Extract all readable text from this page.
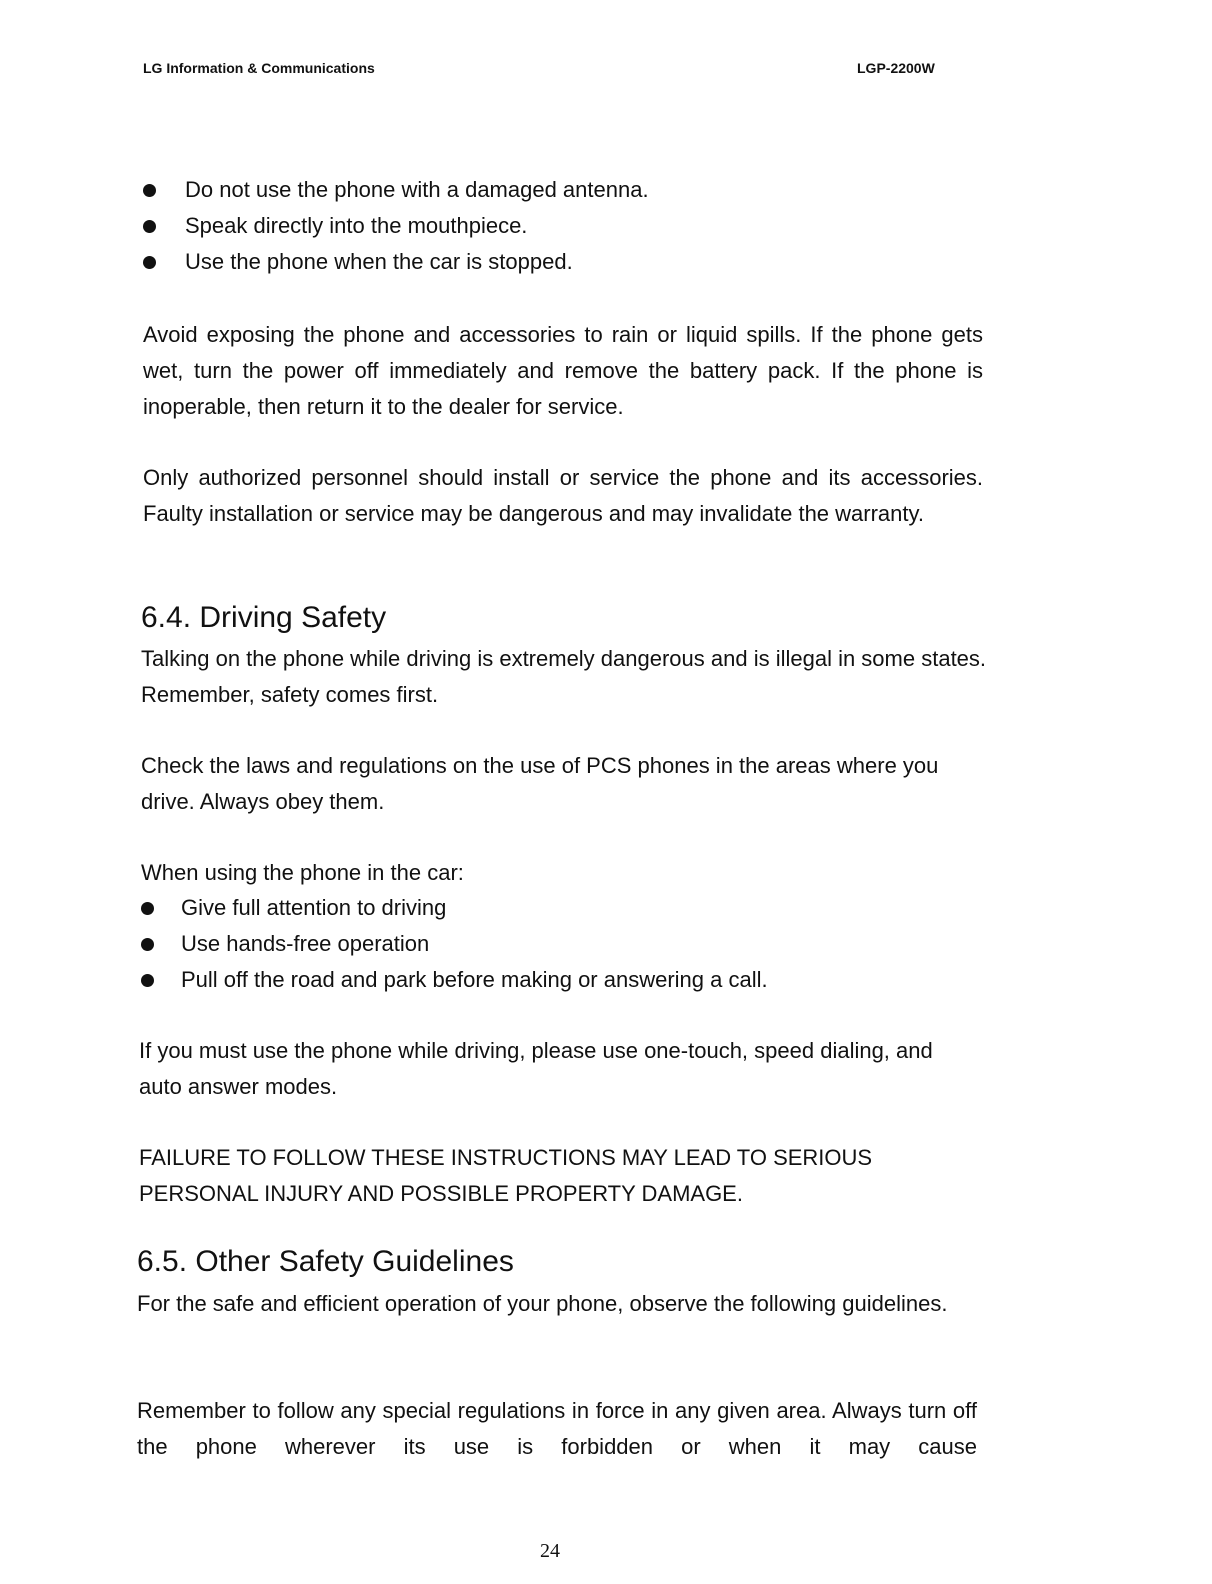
LG Information & Communications	LGP-2200W
Do not use the phone with a damaged antenna.
Speak directly into the mouthpiece.
Use the phone when the car is stopped.

Avoid exposing the phone and accessories to rain or liquid spills. If the phone gets wet, turn the power off immediately and remove the battery pack. If the phone is inoperable, then return it to the dealer for service.

Only authorized personnel should install or service the phone and its accessories. Faulty installation or service may be dangerous and may invalidate the warranty.

6.4. Driving Safety

Talking on the phone while driving is extremely dangerous and is illegal in some states. Remember, safety comes first.

Check the laws and regulations on the use of PCS phones in the areas where you drive. Always obey them.

When using the phone in the car:

Give full attention to driving
Use hands-free operation
Pull off the road and park before making or answering a call.

If you must use the phone while driving, please use one-touch, speed dialing, and auto answer modes.

FAILURE TO FOLLOW THESE INSTRUCTIONS MAY LEAD TO SERIOUS PERSONAL INJURY AND POSSIBLE PROPERTY DAMAGE.

6.5. Other Safety Guidelines

For the safe and efficient operation of your phone, observe the following guidelines.

Remember to follow any special regulations in force in any given area. Always turn off the phone wherever its use is forbidden or when it may cause

24
